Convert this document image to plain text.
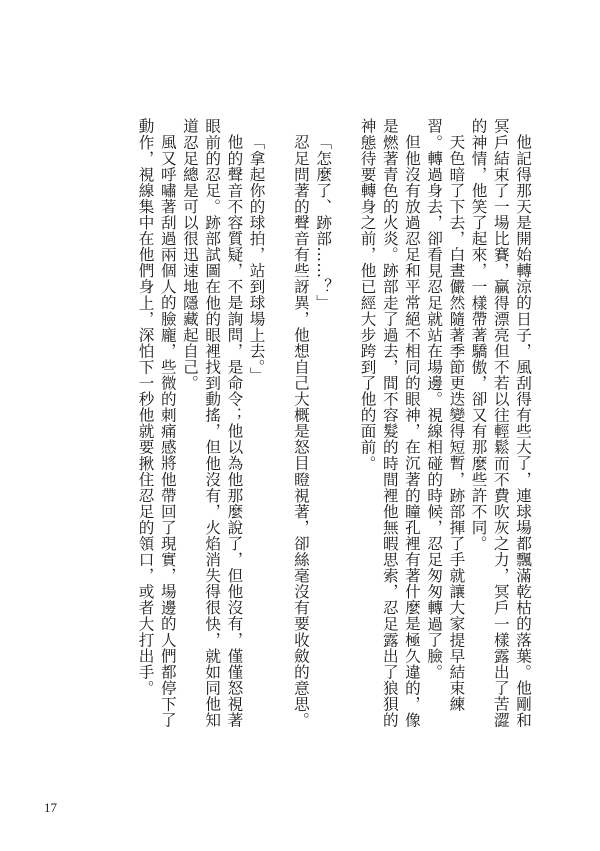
他記得那天是開始轉涼的日子，風刮得有些大了，連球場都飄滿乾枯的落葉。他剛和冥戶結束了一場比賽，贏得漂亮但不若以往輕鬆而不費吹灰之力，冥戶一樣露出了苦澀的神情，他笑了起來，一樣帶著驕傲，卻又有那麼些許不同。

天色暗了下去，白晝儼然隨著季節更迭變得短暫，跡部揮了手就讓大家提早結束練習。轉過身去，卻看見忍足就站在場邊。視線相碰的時候，忍足匆匆轉過了臉。

但他沒有放過忍足和平常絕不相同的眼神，在沉著的瞳孔裡有著什麼是極久違的，像是燃著青色的火炎。跡部走了過去，間不容髮的時間裡他無暇思索，忍足露出了狼狽的神態待要轉身之前，他已經大步跨到了他的面前。

「怎麼了、跡部……？」

忍足問著的聲音有些訝異，他想自己大概是怒目瞪視著，卻絲毫沒有要收斂的意思。

「拿起你的球拍，站到球場上去。」

他的聲音不容質疑，不是詢問，是命令；他以為他那麼說了，但他沒有，僅僅怒視著眼前的忍足。跡部試圖在他的眼裡找到動搖，但他沒有，火焰消失得很快，就如同他知道忍足總是可以很迅速地隱藏起自己。

風又呼嘯著刮過兩個人的臉龐，些微的刺痛感將他帶回了現實，場邊的人們都停下了動作，視線集中在他們身上，深怕下一秒他就要揪住忍足的領口，或者大打出手。

17
